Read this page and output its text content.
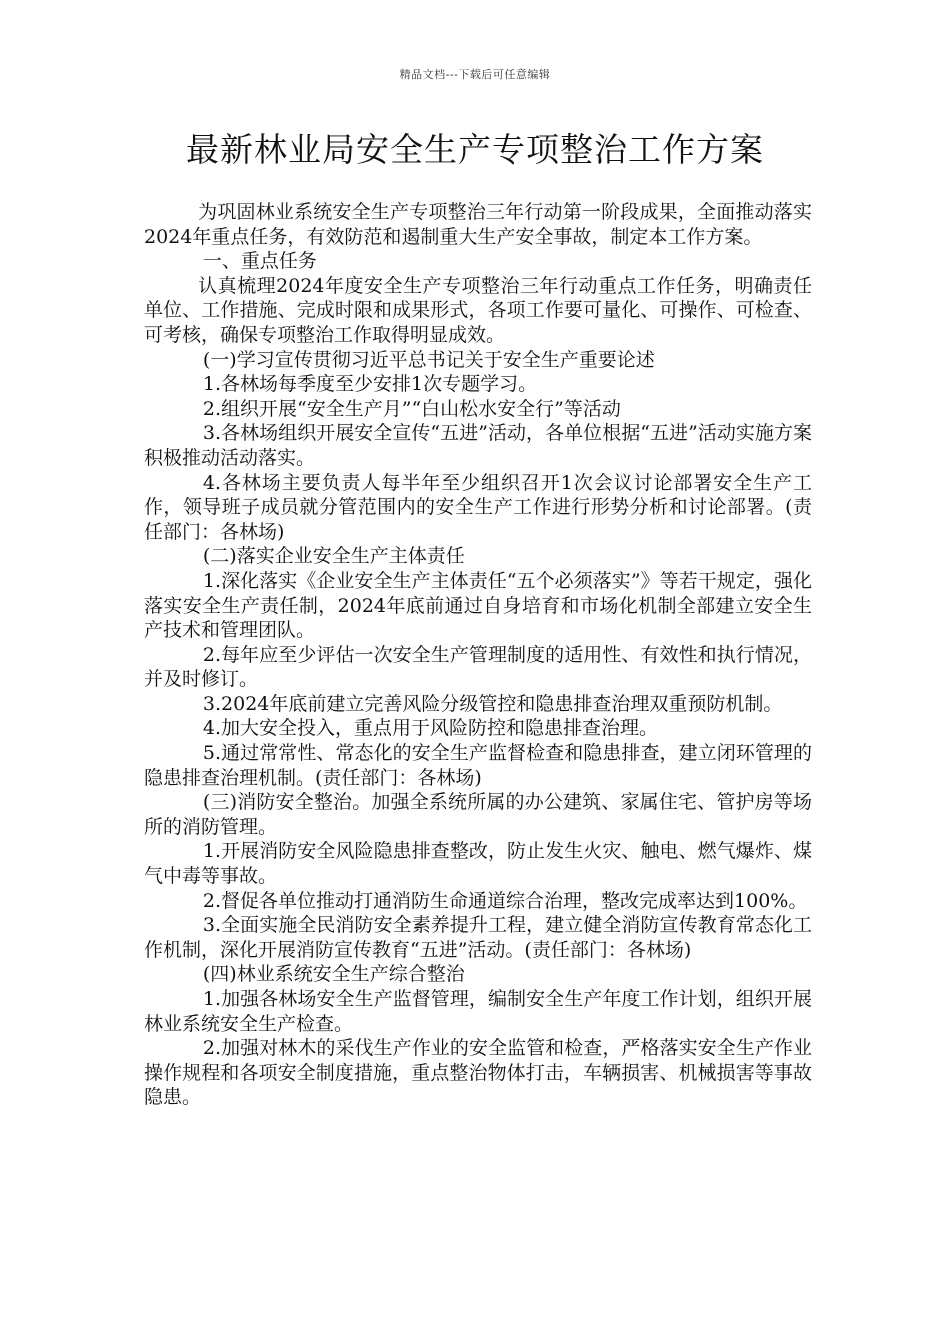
精品文档---下载后可任意编辑
最新林业局安全生产专项整治工作方案

为巩固林业系统安全生产专项整治三年行动第一阶段成果，全面推动落实2024年重点任务，有效防范和遏制重大生产安全事故，制定本工作方案。

一、重点任务

认真梳理2024年度安全生产专项整治三年行动重点工作任务，明确责任单位、工作措施、完成时限和成果形式，各项工作要可量化、可操作、可检查、可考核，确保专项整治工作取得明显成效。

(一)学习宣传贯彻习近平总书记关于安全生产重要论述

1.各林场每季度至少安排1次专题学习。

2.组织开展“安全生产月”“白山松水安全行”等活动

3.各林场组织开展安全宣传“五进”活动，各单位根据“五进”活动实施方案积极推动活动落实。

4.各林场主要负责人每半年至少组织召开1次会议讨论部署安全生产工作，领导班子成员就分管范围内的安全生产工作进行形势分析和讨论部署。(责任部门：各林场)

(二)落实企业安全生产主体责任

1.深化落实《企业安全生产主体责任“五个必须落实”》等若干规定，强化落实安全生产责任制，2024年底前通过自身培育和市场化机制全部建立安全生产技术和管理团队。

2.每年应至少评估一次安全生产管理制度的适用性、有效性和执行情况，并及时修订。

3.2024年底前建立完善风险分级管控和隐患排查治理双重预防机制。

4.加大安全投入，重点用于风险防控和隐患排查治理。

5.通过常常性、常态化的安全生产监督检查和隐患排查，建立闭环管理的隐患排查治理机制。(责任部门：各林场)

(三)消防安全整治。加强全系统所属的办公建筑、家属住宅、管护房等场所的消防管理。

1.开展消防安全风险隐患排查整改，防止发生火灾、触电、燃气爆炸、煤气中毒等事故。

2.督促各单位推动打通消防生命通道综合治理，整改完成率达到100%。

3.全面实施全民消防安全素养提升工程，建立健全消防宣传教育常态化工作机制，深化开展消防宣传教育“五进”活动。(责任部门：各林场)

(四)林业系统安全生产综合整治

1.加强各林场安全生产监督管理，编制安全生产年度工作计划，组织开展林业系统安全生产检查。

2.加强对林木的采伐生产作业的安全监管和检查，严格落实安全生产作业操作规程和各项安全制度措施，重点整治物体打击，车辆损害、机械损害等事故隐患。
